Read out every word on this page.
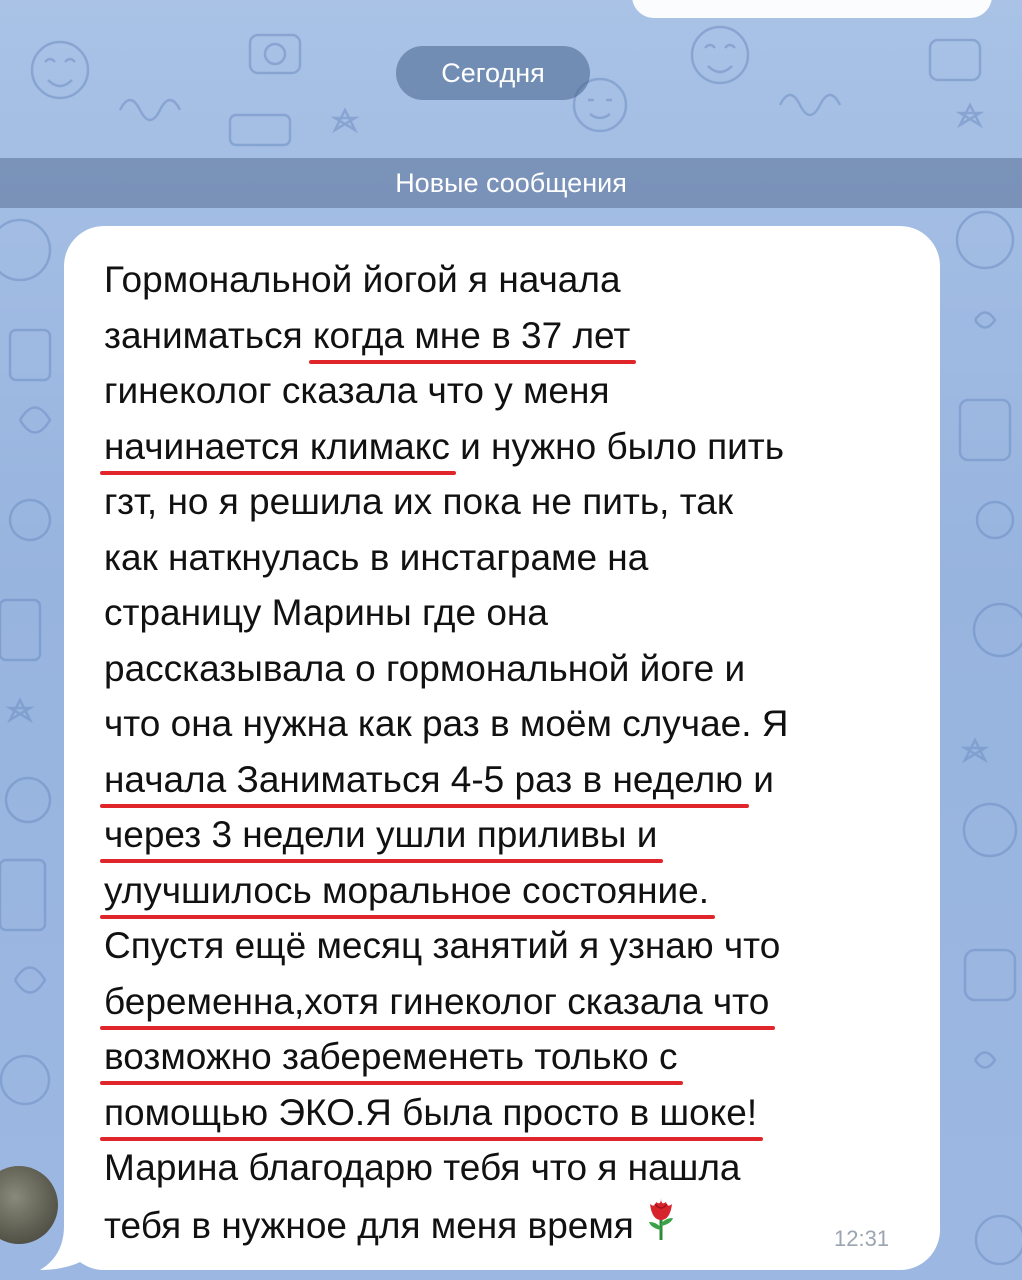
Сегодня
Новые сообщения
Гормональной йогой я начала
заниматься когда мне в 37 лет
гинеколог сказала что у меня
начинается климакс и нужно было пить
гзт, но я решила их пока не пить, так
как наткнулась в инстаграме на
страницу Марины где она
рассказывала о гормональной йоге и
что она нужна как раз в моём случае. Я
начала Заниматься 4-5 раз в неделю и
через 3 недели ушли приливы и
улучшилось моральное состояние.
Спустя ещё месяц занятий я узнаю что
беременна,хотя гинеколог сказала что
возможно забеременеть только с
помощью ЭКО.Я была просто в шоке!
Марина благодарю тебя что я нашла
тебя в нужное для меня время	12:31
